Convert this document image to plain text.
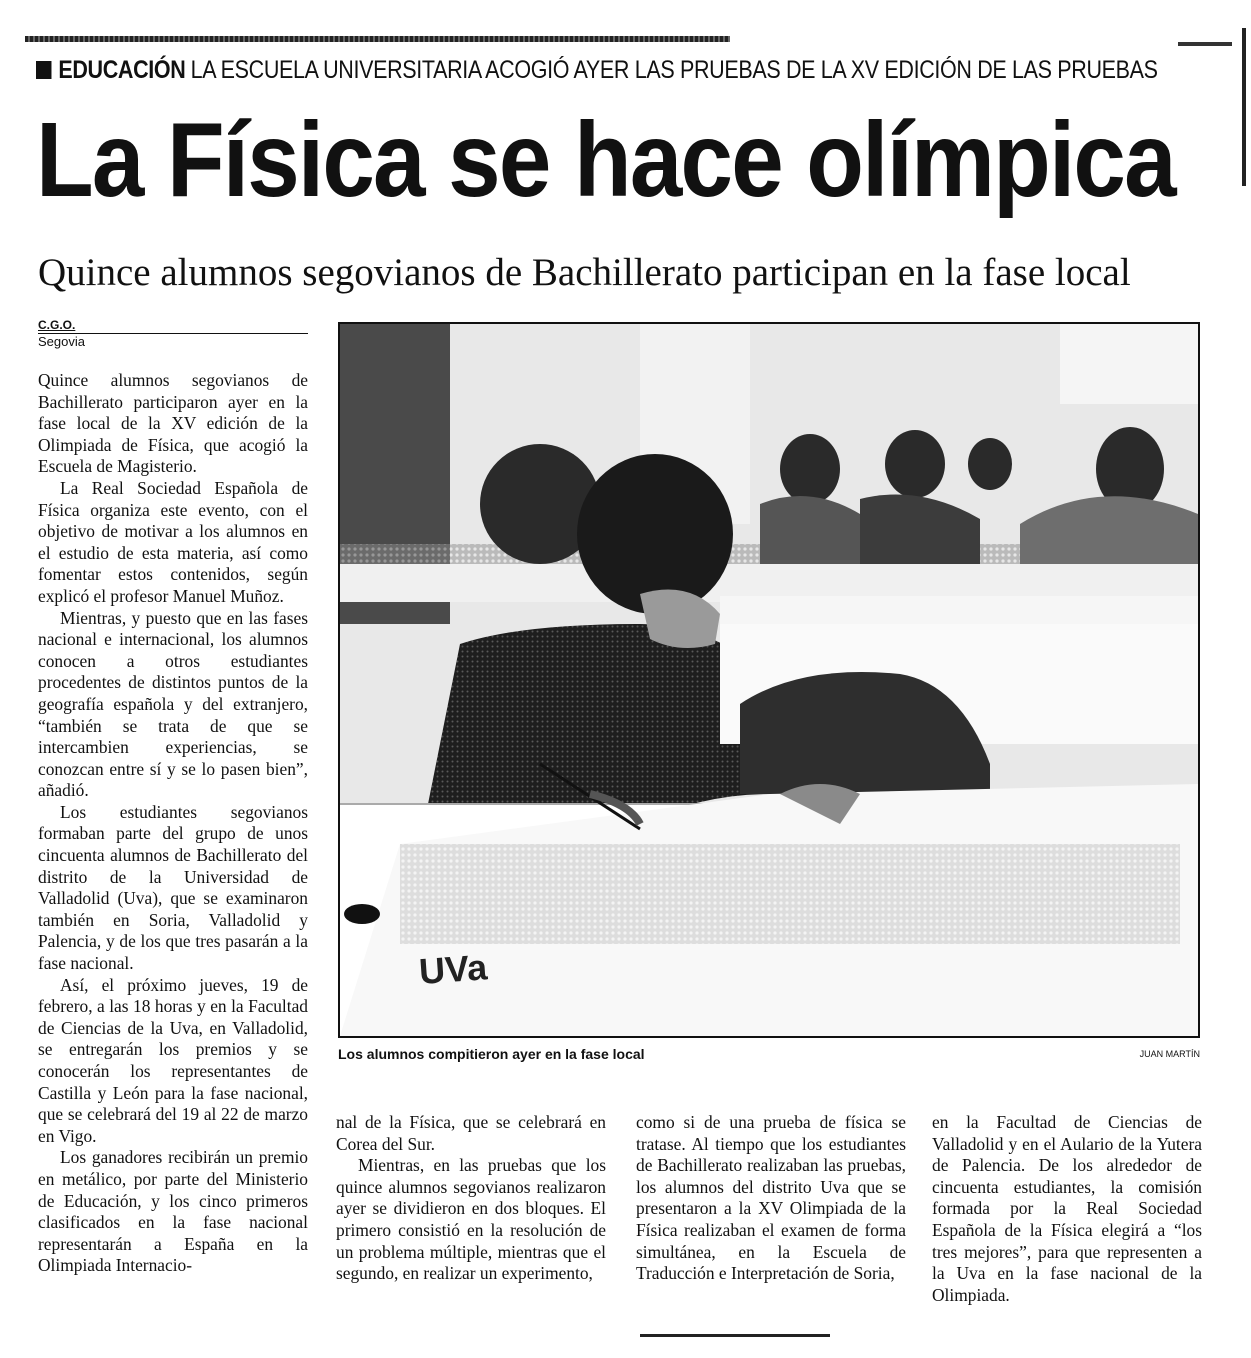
EDUCACIÓN LA ESCUELA UNIVERSITARIA ACOGIÓ AYER LAS PRUEBAS DE LA XV EDICIÓN DE LAS PRUEBAS
La Física se hace olímpica
Quince alumnos segovianos de Bachillerato participan en la fase local
C.G.O.
Segovia

Quince alumnos segovianos de Bachillerato participaron ayer en la fase local de la XV edición de la Olimpiada de Física, que acogió la Escuela de Magisterio.

La Real Sociedad Española de Física organiza este evento, con el objetivo de motivar a los alumnos en el estudio de esta materia, así como fomentar estos contenidos, según explicó el profesor Manuel Muñoz.

Mientras, y puesto que en las fases nacional e internacional, los alumnos conocen a otros estudiantes procedentes de distintos puntos de la geografía española y del extranjero, “también se trata de que se intercambien experiencias, se conozcan entre sí y se lo pasen bien”, añadió.

Los estudiantes segovianos formaban parte del grupo de unos cincuenta alumnos de Bachillerato del distrito de la Universidad de Valladolid (Uva), que se examinaron también en Soria, Valladolid y Palencia, y de los que tres pasarán a la fase nacional.

Así, el próximo jueves, 19 de febrero, a las 18 horas y en la Facultad de Ciencias de la Uva, en Valladolid, se entregarán los premios y se conocerán los representantes de Castilla y León para la fase nacional, que se celebrará del 19 al 22 de marzo en Vigo.

Los ganadores recibirán un premio en metálico, por parte del Ministerio de Educación, y los cinco primeros clasificados en la fase nacional representarán a España en la Olimpiada Internacio-

UVa
Los alumnos compitieron ayer en la fase local	JUAN MARTÍN

nal de la Física, que se celebrará en Corea del Sur.

Mientras, en las pruebas que los quince alumnos segovianos realizaron ayer se dividieron en dos bloques. El primero consistió en la resolución de un problema múltiple, mientras que el segundo, en realizar un experimento,

como si de una prueba de física se tratase. Al tiempo que los estudiantes de Bachillerato realizaban las pruebas, los alumnos del distrito Uva que se presentaron a la XV Olimpiada de la Física realizaban el examen de forma simultánea, en la Escuela de Traducción e Interpretación de Soria,

en la Facultad de Ciencias de Valladolid y en el Aulario de la Yutera de Palencia. De los alrededor de cincuenta estudiantes, la comisión formada por la Real Sociedad Española de la Física elegirá a “los tres mejores”, para que representen a la Uva en la fase nacional de la Olimpiada.
